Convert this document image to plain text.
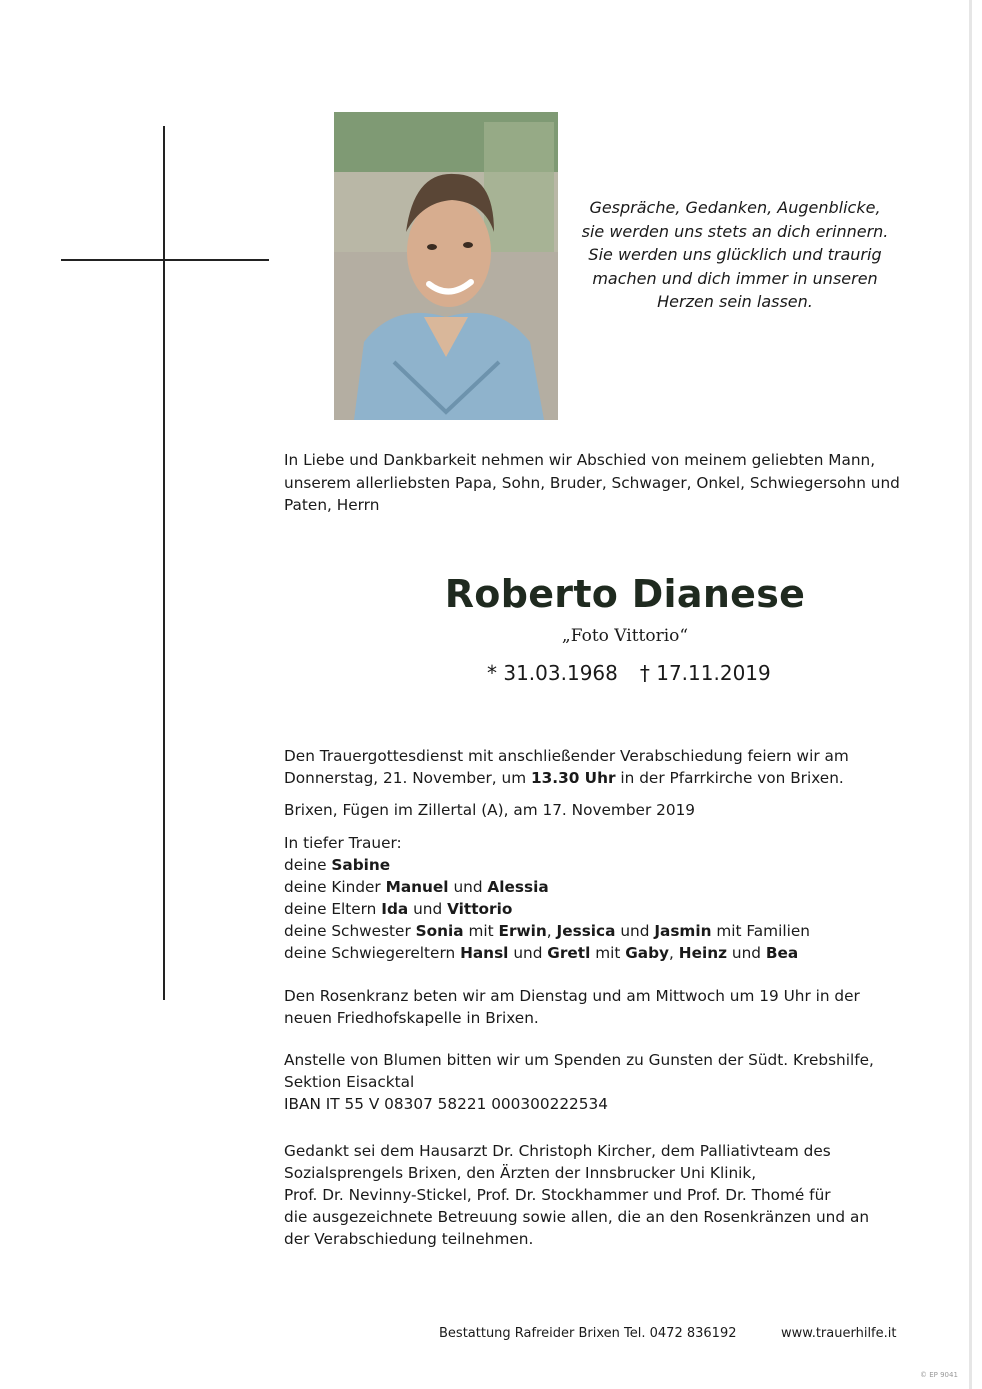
Gespräche, Gedanken, Augenblicke,
sie werden uns stets an dich erinnern.
Sie werden uns glücklich und traurig
machen und dich immer in unseren
Herzen sein lassen.
In Liebe und Dankbarkeit nehmen wir Abschied von meinem geliebten Mann,
unserem allerliebsten Papa, Sohn, Bruder, Schwager, Onkel, Schwiegersohn und
Paten, Herrn
Roberto Dianese
„Foto Vittorio“
* 31.03.1968 † 17.11.2019
Den Trauergottesdienst mit anschließender Verabschiedung feiern wir am
Donnerstag, 21. November, um 13.30 Uhr in der Pfarrkirche von Brixen.
Brixen, Fügen im Zillertal (A), am 17. November 2019
In tiefer Trauer:
deine Sabine
deine Kinder Manuel und Alessia
deine Eltern Ida und Vittorio
deine Schwester Sonia mit Erwin, Jessica und Jasmin mit Familien
deine Schwiegereltern Hansl und Gretl mit Gaby, Heinz und Bea
Den Rosenkranz beten wir am Dienstag und am Mittwoch um 19 Uhr in der
neuen Friedhofskapelle in Brixen.
Anstelle von Blumen bitten wir um Spenden zu Gunsten der Südt. Krebshilfe,
Sektion Eisacktal
IBAN IT 55 V 08307 58221 000300222534
Gedankt sei dem Hausarzt Dr. Christoph Kircher, dem Palliativteam des
Sozialsprengels Brixen, den Ärzten der Innsbrucker Uni Klinik,
Prof. Dr. Nevinny-Stickel, Prof. Dr. Stockhammer und Prof. Dr. Thomé für
die ausgezeichnete Betreuung sowie allen, die an den Rosenkränzen und an
der Verabschiedung teilnehmen.
Bestattung Rafreider Brixen Tel. 0472 836192	www.trauerhilfe.it
© EP 9041
